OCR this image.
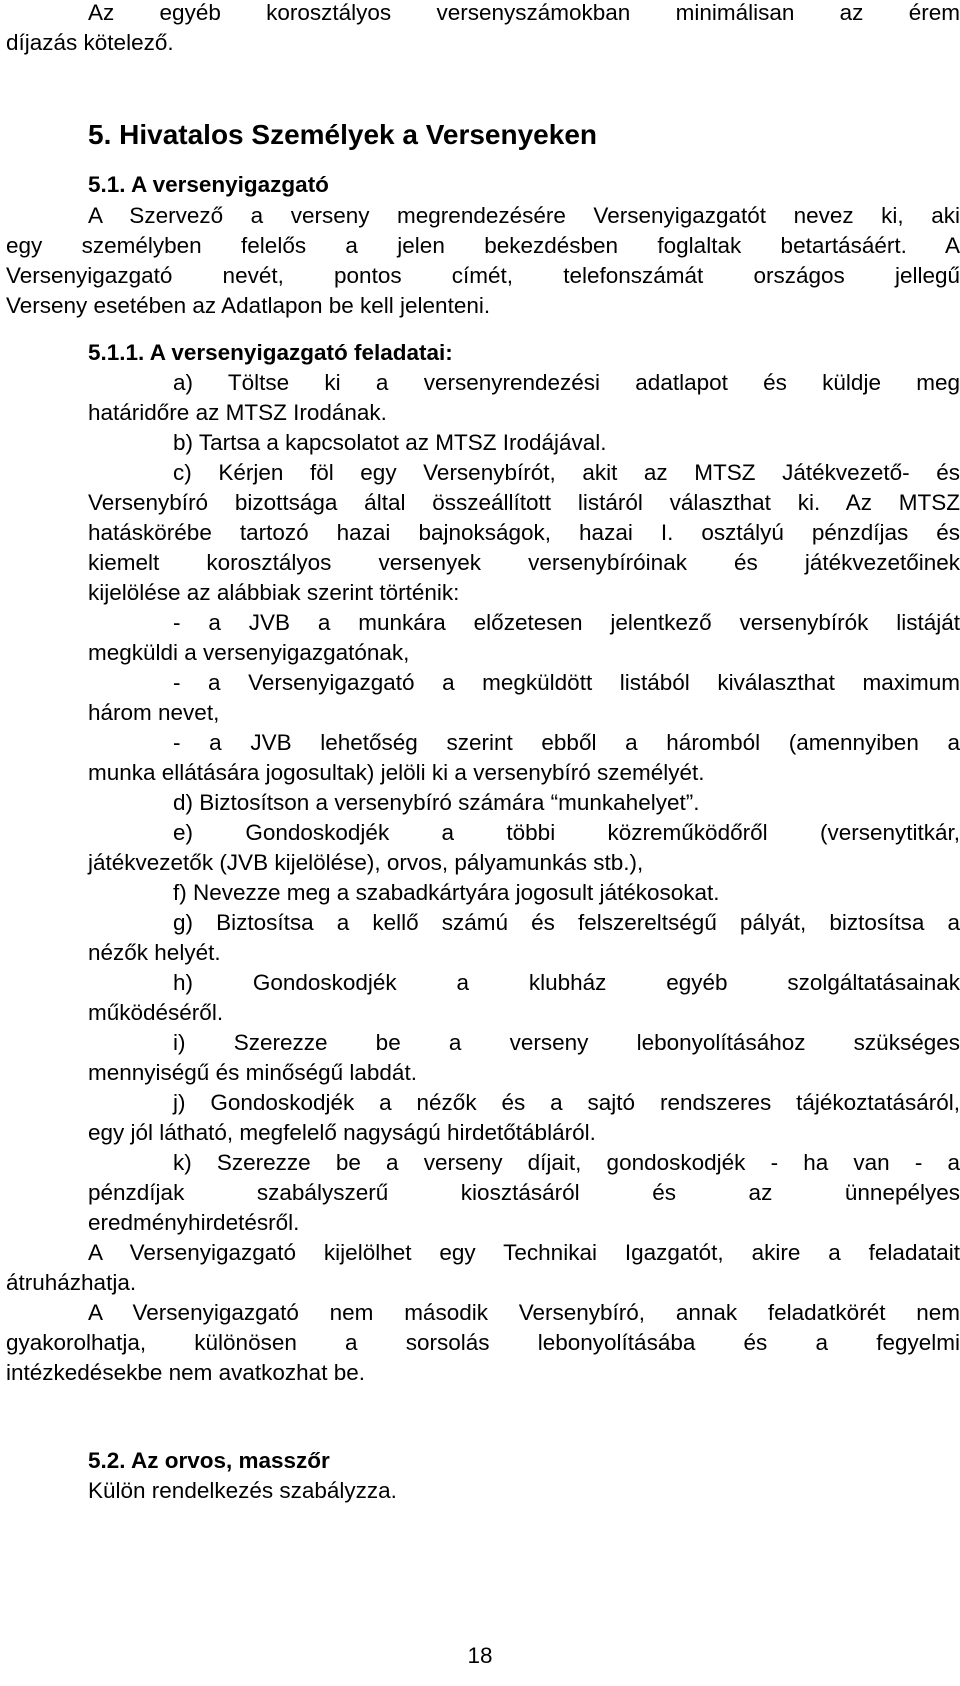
Az egyéb korosztályos versenyszámokban minimálisan az érem

díjazás kötelező.

5. Hivatalos Személyek a Versenyeken

5.1. A versenyigazgató

A Szervező a verseny megrendezésére Versenyigazgatót nevez ki, aki

egy személyben felelős a jelen bekezdésben foglaltak betartásáért. A

Versenyigazgató nevét, pontos címét, telefonszámát országos jellegű

Verseny esetében az Adatlapon be kell jelenteni.

5.1.1. A versenyigazgató feladatai:

a) Töltse ki a versenyrendezési adatlapot és küldje meg

határidőre az MTSZ Irodának.

b) Tartsa a kapcsolatot az MTSZ Irodájával.

c) Kérjen föl egy Versenybírót, akit az MTSZ Játékvezető- és

Versenybíró bizottsága által összeállított listáról választhat ki. Az MTSZ

hatáskörébe tartozó hazai bajnokságok, hazai I. osztályú pénzdíjas és

kiemelt korosztályos versenyek versenybíróinak és játékvezetőinek

kijelölése az alábbiak szerint történik:

- a JVB a munkára előzetesen jelentkező versenybírók listáját

megküldi a versenyigazgatónak,

- a Versenyigazgató a megküldött listából kiválaszthat maximum

három nevet,

- a JVB lehetőség szerint ebből a háromból (amennyiben a

munka ellátására jogosultak) jelöli ki a versenybíró személyét.

d) Biztosítson a versenybíró számára “munkahelyet”.

e) Gondoskodjék a többi közreműködőről (versenytitkár,

játékvezetők (JVB kijelölése), orvos, pályamunkás stb.),

f) Nevezze meg a szabadkártyára jogosult játékosokat.

g) Biztosítsa a kellő számú és felszereltségű pályát, biztosítsa a

nézők helyét.

h) Gondoskodjék a klubház egyéb szolgáltatásainak

működéséről.

i) Szerezze be a verseny lebonyolításához szükséges

mennyiségű és minőségű labdát.

j) Gondoskodjék a nézők és a sajtó rendszeres tájékoztatásáról,

egy jól látható, megfelelő nagyságú hirdetőtábláról.

k) Szerezze be a verseny díjait, gondoskodjék - ha van - a

pénzdíjak szabályszerű kiosztásáról és az ünnepélyes

eredményhirdetésről.

A Versenyigazgató kijelölhet egy Technikai Igazgatót, akire a feladatait

átruházhatja.

A Versenyigazgató nem második Versenybíró, annak feladatkörét nem

gyakorolhatja, különösen a sorsolás lebonyolításába és a fegyelmi

intézkedésekbe nem avatkozhat be.

5.2. Az orvos, masszőr

Külön rendelkezés szabályzza.

18
